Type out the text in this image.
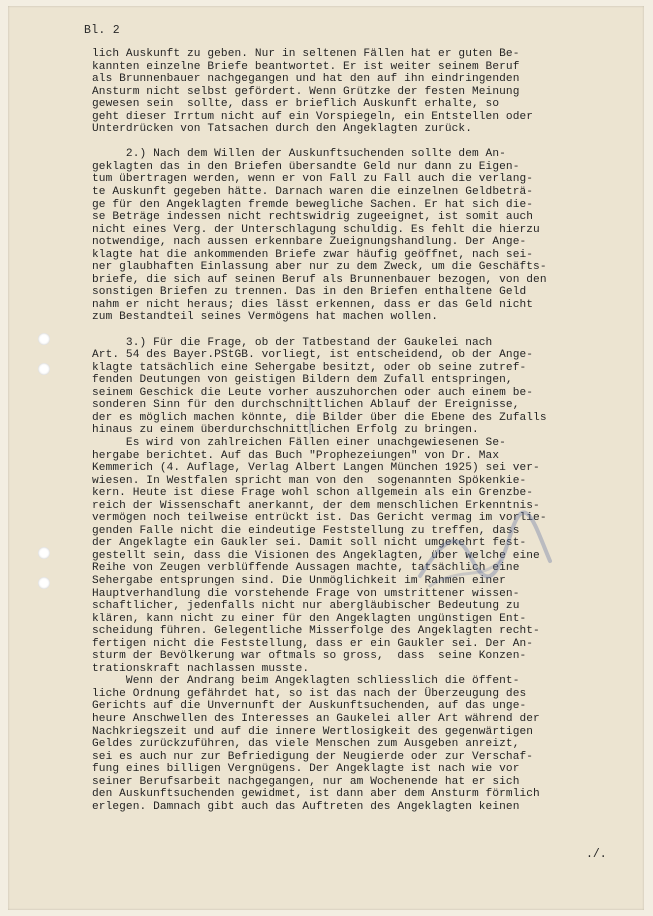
Bl. 2
lich Auskunft zu geben. Nur in seltenen Fällen hat er guten Be-
kannten einzelne Briefe beantwortet. Er ist weiter seinem Beruf
als Brunnenbauer nachgegangen und hat den auf ihn eindringenden
Ansturm nicht selbst gefördert. Wenn Grützke der festen Meinung
gewesen sein  sollte, dass er brieflich Auskunft erhalte, so
geht dieser Irrtum nicht auf ein Vorspiegeln, ein Entstellen oder
Unterdrücken von Tatsachen durch den Angeklagten zurück.
2.) Nach dem Willen der Auskunftsuchenden sollte dem An-
geklagten das in den Briefen übersandte Geld nur dann zu Eigen-
tum übertragen werden, wenn er von Fall zu Fall auch die verlang-
te Auskunft gegeben hätte. Darnach waren die einzelnen Geldbeträ-
ge für den Angeklagten fremde bewegliche Sachen. Er hat sich die-
se Beträge indessen nicht rechtswidrig zugeeignet, ist somit auch
nicht eines Verg. der Unterschlagung schuldig. Es fehlt die hierzu
notwendige, nach aussen erkennbare Zueignungshandlung. Der Ange-
klagte hat die ankommenden Briefe zwar häufig geöffnet, nach sei-
ner glaubhaften Einlassung aber nur zu dem Zweck, um die Geschäfts-
briefe, die sich auf seinen Beruf als Brunnenbauer bezogen, von den
sonstigen Briefen zu trennen. Das in den Briefen enthaltene Geld
nahm er nicht heraus; dies lässt erkennen, dass er das Geld nicht
zum Bestandteil seines Vermögens hat machen wollen.
3.) Für die Frage, ob der Tatbestand der Gaukelei nach
Art. 54 des Bayer.PStGB. vorliegt, ist entscheidend, ob der Ange-
klagte tatsächlich eine Sehergabe besitzt, oder ob seine zutref-
fenden Deutungen von geistigen Bildern dem Zufall entspringen,
seinem Geschick die Leute vorher auszuhorchen oder auch einem be-
sonderen Sinn für den durchschnittlichen Ablauf der Ereignisse,
der es möglich machen könnte, die Bilder über die Ebene des Zufalls
hinaus zu einem überdurchschnittlichen Erfolg zu bringen.
Es wird von zahlreichen Fällen einer unachgewiesenen Se-
hergabe berichtet. Auf das Buch "Prophezeiungen" von Dr. Max
Kemmerich (4. Auflage, Verlag Albert Langen München 1925) sei ver-
wiesen. In Westfalen spricht man von den  sogenannten Spökenkie-
kern. Heute ist diese Frage wohl schon allgemein als ein Grenzbe-
reich der Wissenschaft anerkannt, der dem menschlichen Erkenntnis-
vermögen noch teilweise entrückt ist. Das Gericht vermag im vorlie-
genden Falle nicht die eindeutige Feststellung zu treffen, dass
der Angeklagte ein Gaukler sei. Damit soll nicht umgekehrt fest-
gestellt sein, dass die Visionen des Angeklagten, über welche eine
Reihe von Zeugen verblüffende Aussagen machte, tatsächlich eine
Sehergabe entsprungen sind. Die Unmöglichkeit im Rahmen einer
Hauptverhandlung die vorstehende Frage von umstrittener wissen-
schaftlicher, jedenfalls nicht nur abergläubischer Bedeutung zu
klären, kann nicht zu einer für den Angeklagten ungünstigen Ent-
scheidung führen. Gelegentliche Misserfolge des Angeklagten recht-
fertigen nicht die Feststellung, dass er ein Gaukler sei. Der An-
sturm der Bevölkerung war oftmals so gross,  dass  seine Konzen-
trationskraft nachlassen musste.
Wenn der Andrang beim Angeklagten schliesslich die öffent-
liche Ordnung gefährdet hat, so ist das nach der Überzeugung des
Gerichts auf die Unvernunft der Auskunftsuchenden, auf das unge-
heure Anschwellen des Interesses an Gaukelei aller Art während der
Nachkriegszeit und auf die innere Wertlosigkeit des gegenwärtigen
Geldes zurückzuführen, das viele Menschen zum Ausgeben anreizt,
sei es auch nur zur Befriedigung der Neugierde oder zur Verschaf-
fung eines billigen Vergnügens. Der Angeklagte ist nach wie vor
seiner Berufsarbeit nachgegangen, nur am Wochenende hat er sich
den Auskunftsuchenden gewidmet, ist dann aber dem Ansturm förmlich
erlegen. Damnach gibt auch das Auftreten des Angeklagten keinen
./.
